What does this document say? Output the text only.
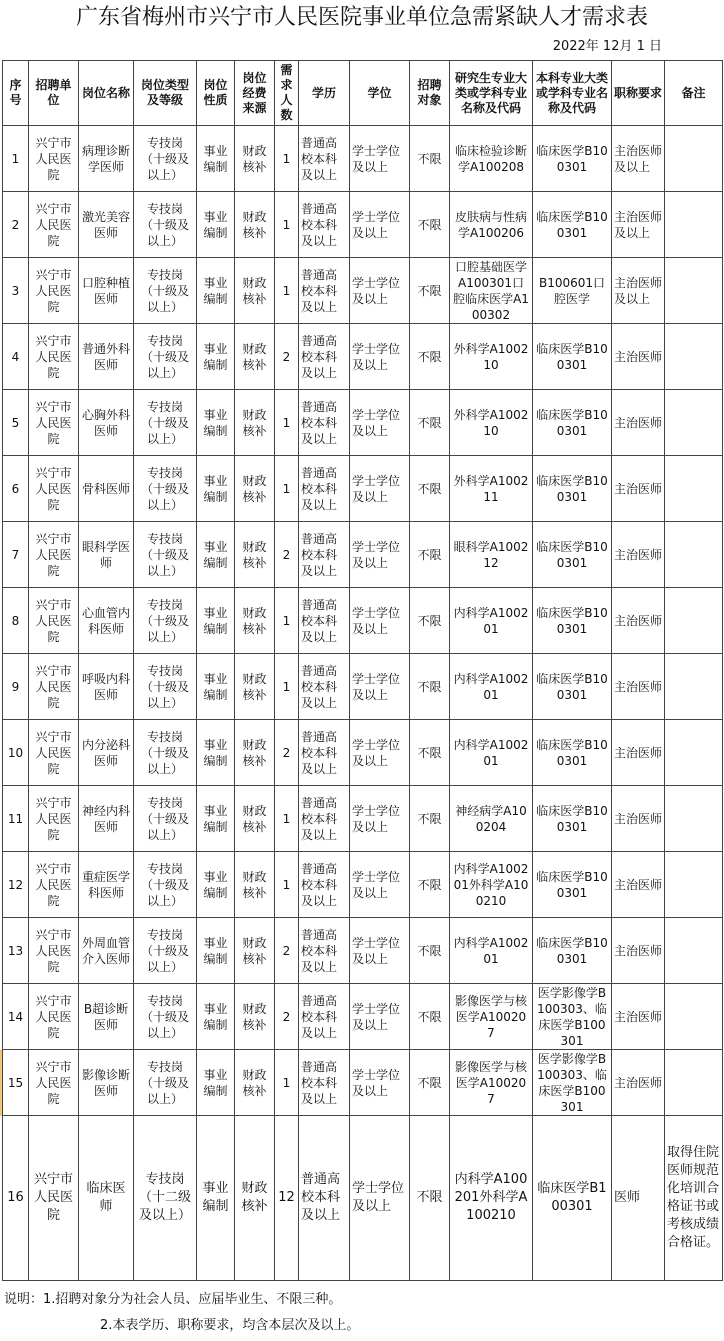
广东省梅州市兴宁市人民医院事业单位急需紧缺人才需求表
2022年 12月 1 日
序号	招聘单位	岗位名称	岗位类型及等级	岗位性质	岗位经费来源	需求人数	学历	学位	招聘对象	研究生专业大类或学科专业名称及代码	本科专业大类或学科专业名称及代码	职称要求	备注
1	兴宁市人民医院	病理诊断学医师	专技岗（十级及以上）	事业编制	财政核补	1	普通高校本科及以上	学士学位及以上	不限	临床检验诊断学A100208	临床医学B100301	主治医师及以上	
2	兴宁市人民医院	激光美容医师	专技岗（十级及以上）	事业编制	财政核补	1	普通高校本科及以上	学士学位及以上	不限	皮肤病与性病学A100206	临床医学B100301	主治医师及以上	
3	兴宁市人民医院	口腔种植医师	专技岗（十级及以上）	事业编制	财政核补	1	普通高校本科及以上	学士学位及以上	不限	口腔基础医学A100301口腔临床医学A100302	B100601口腔医学	主治医师及以上	
4	兴宁市人民医院	普通外科医师	专技岗（十级及以上）	事业编制	财政核补	2	普通高校本科及以上	学士学位及以上	不限	外科学A100210	临床医学B100301	主治医师	
5	兴宁市人民医院	心胸外科医师	专技岗（十级及以上）	事业编制	财政核补	1	普通高校本科及以上	学士学位及以上	不限	外科学A100210	临床医学B100301	主治医师	
6	兴宁市人民医院	骨科医师	专技岗（十级及以上）	事业编制	财政核补	1	普通高校本科及以上	学士学位及以上	不限	外科学A100211	临床医学B100301	主治医师	
7	兴宁市人民医院	眼科学医师	专技岗（十级及以上）	事业编制	财政核补	2	普通高校本科及以上	学士学位及以上	不限	眼科学A100212	临床医学B100301	主治医师	
8	兴宁市人民医院	心血管内科医师	专技岗（十级及以上）	事业编制	财政核补	1	普通高校本科及以上	学士学位及以上	不限	内科学A100201	临床医学B100301	主治医师	
9	兴宁市人民医院	呼吸内科医师	专技岗（十级及以上）	事业编制	财政核补	1	普通高校本科及以上	学士学位及以上	不限	内科学A100201	临床医学B100301	主治医师	
10	兴宁市人民医院	内分泌科医师	专技岗（十级及以上）	事业编制	财政核补	2	普通高校本科及以上	学士学位及以上	不限	内科学A100201	临床医学B100301	主治医师	
11	兴宁市人民医院	神经内科医师	专技岗（十级及以上）	事业编制	财政核补	1	普通高校本科及以上	学士学位及以上	不限	神经病学A100204	临床医学B100301	主治医师	
12	兴宁市人民医院	重症医学科医师	专技岗（十级及以上）	事业编制	财政核补	1	普通高校本科及以上	学士学位及以上	不限	内科学A100201外科学A100210	临床医学B100301	主治医师	
13	兴宁市人民医院	外周血管介入医师	专技岗（十级及以上）	事业编制	财政核补	2	普通高校本科及以上	学士学位及以上	不限	内科学A100201	临床医学B100301	主治医师	
14	兴宁市人民医院	B超诊断医师	专技岗（十级及以上）	事业编制	财政核补	2	普通高校本科及以上	学士学位及以上	不限	影像医学与核医学A100207	医学影像学B100303、临床医学B100301	主治医师	
15	兴宁市人民医院	影像诊断医师	专技岗（十级及以上）	事业编制	财政核补	1	普通高校本科及以上	学士学位及以上	不限	影像医学与核医学A100207	医学影像学B100303、临床医学B100301	主治医师	
16	兴宁市人民医院	临床医师	专技岗（十二级及以上）	事业编制	财政核补	12	普通高校本科及以上	学士学位及以上	不限	内科学A100201外科学A100210	临床医学B100301	医师	取得住院医师规范化培训合格证书或考核成绩合格证。
说明：1.招聘对象分为社会人员、应届毕业生、不限三种。
2.本表学历、职称要求，均含本层次及以上。
